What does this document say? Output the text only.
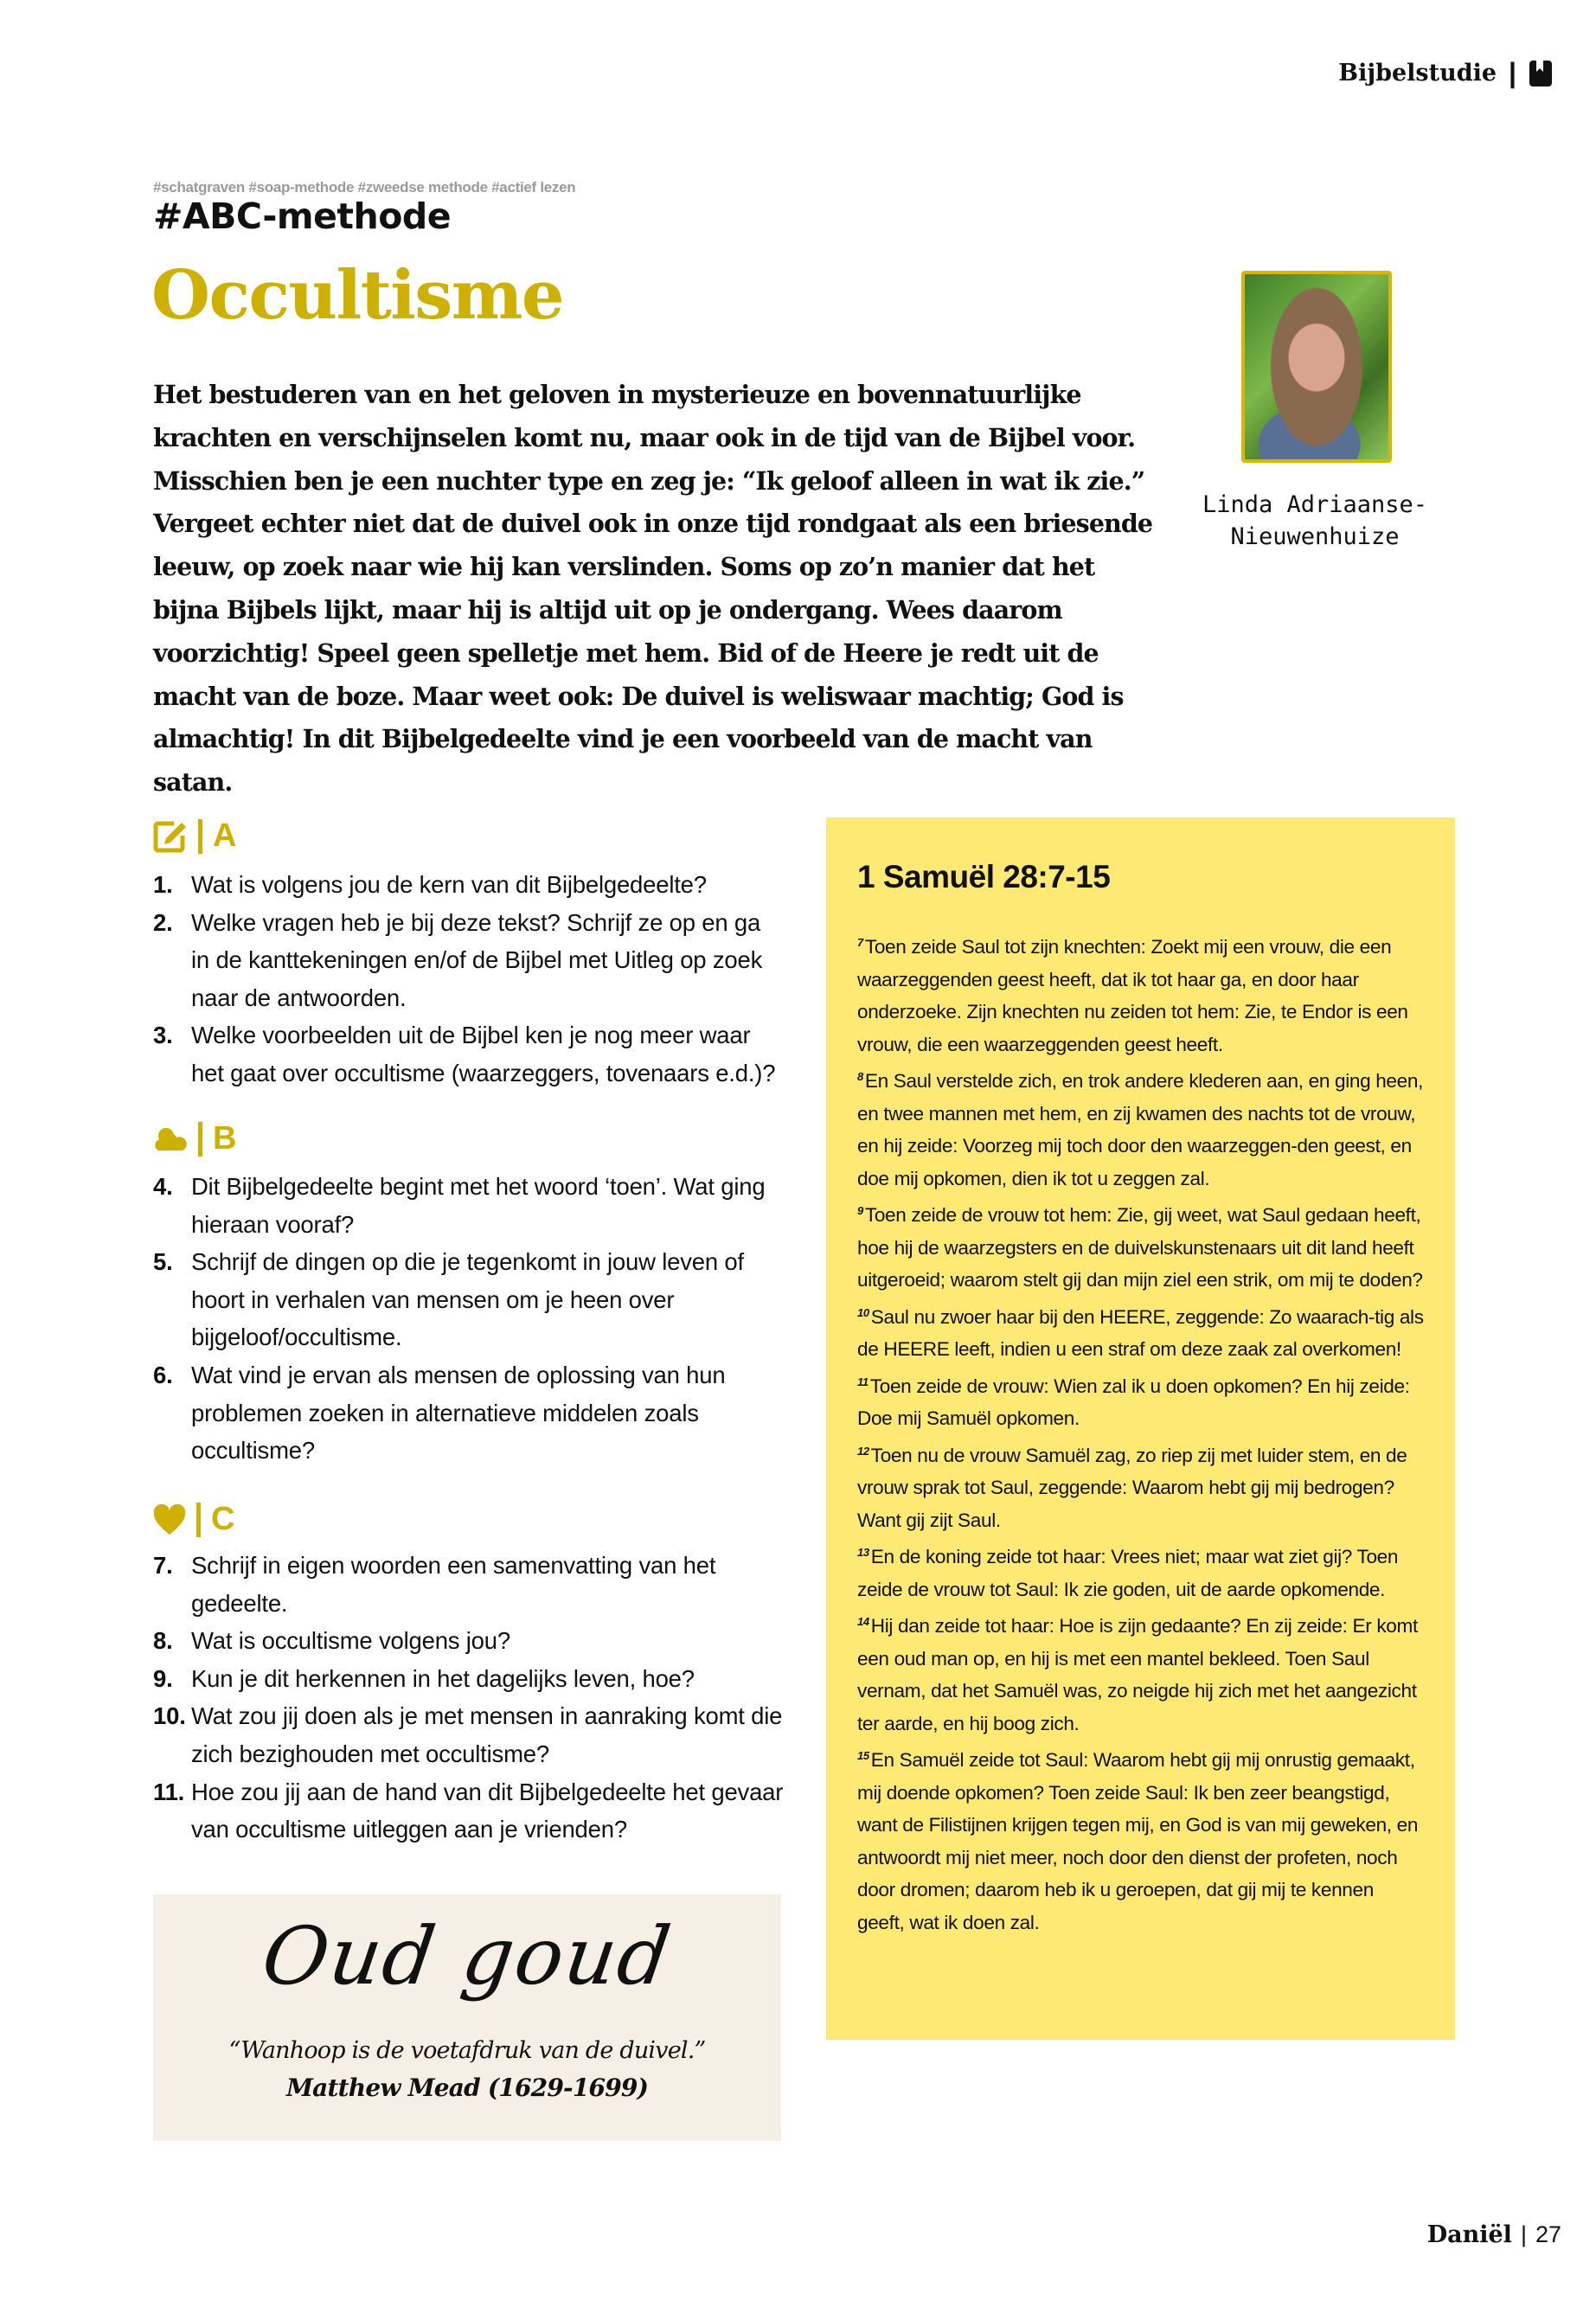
Bijbelstudie |
#schatgraven #soap-methode #zweedse methode #actief lezen
#ABC-methode
Occultisme

Het bestuderen van en het geloven in mysterieuze en bovennatuurlijke krachten en verschijnselen komt nu, maar ook in de tijd van de Bijbel voor. Misschien ben je een nuchter type en zeg je: “Ik geloof alleen in wat ik zie.” Vergeet echter niet dat de duivel ook in onze tijd rondgaat als een briesende leeuw, op zoek naar wie hij kan verslinden. Soms op zo’n manier dat het bijna Bijbels lijkt, maar hij is altijd uit op je ondergang. Wees daarom voorzichtig! Speel geen spelletje met hem. Bid of de Heere je redt uit de macht van de boze. Maar weet ook: De duivel is weliswaar machtig; God is almachtig! In dit Bijbelgedeelte vind je een voorbeeld van de macht van satan.

Linda Adriaanse-
Nieuwenhuize
A
1. Wat is volgens jou de kern van dit Bijbelgedeelte?
2. Welke vragen heb je bij deze tekst? Schrijf ze op en ga in de kanttekeningen en/of de Bijbel met Uitleg op zoek naar de antwoorden.
3. Welke voorbeelden uit de Bijbel ken je nog meer waar het gaat over occultisme (waarzeggers, tovenaars e.d.)?
B
4. Dit Bijbelgedeelte begint met het woord ‘toen’. Wat ging hieraan vooraf?
5. Schrijf de dingen op die je tegenkomt in jouw leven of hoort in verhalen van mensen om je heen over bijgeloof/occultisme.
6. Wat vind je ervan als mensen de oplossing van hun problemen zoeken in alternatieve middelen zoals occultisme?
C
7. Schrijf in eigen woorden een samenvatting van het gedeelte.
8. Wat is occultisme volgens jou?
9. Kun je dit herkennen in het dagelijks leven, hoe?
10. Wat zou jij doen als je met mensen in aanraking komt die zich bezighouden met occultisme?
11. Hoe zou jij aan de hand van dit Bijbelgedeelte het gevaar van occultisme uitleggen aan je vrienden?
1 Samuël 28:7-15
$^7$Toen zeide Saul tot zijn knechten: Zoekt mij een vrouw, die een waarzeggenden geest heeft, dat ik tot haar ga, en door haar onderzoeke. Zijn knechten nu zeiden tot hem: Zie, te Endor is een vrouw, die een waarzeggenden geest heeft.
$^8$En Saul verstelde zich, en trok andere klederen aan, en ging heen, en twee mannen met hem, en zij kwamen des nachts tot de vrouw, en hij zeide: Voorzeg mij toch door den waarzeggen-den geest, en doe mij opkomen, dien ik tot u zeggen zal.
$^9$Toen zeide de vrouw tot hem: Zie, gij weet, wat Saul gedaan heeft, hoe hij de waarzegsters en de duivelskunstenaars uit dit land heeft uitgeroeid; waarom stelt gij dan mijn ziel een strik, om mij te doden?
$^{10}$Saul nu zwoer haar bij den HEERE, zeggende: Zo waarach-tig als de HEERE leeft, indien u een straf om deze zaak zal overkomen!
$^{11}$Toen zeide de vrouw: Wien zal ik u doen opkomen? En hij zeide: Doe mij Samuël opkomen.
$^{12}$Toen nu de vrouw Samuël zag, zo riep zij met luider stem, en de vrouw sprak tot Saul, zeggende: Waarom hebt gij mij bedrogen? Want gij zijt Saul.
$^{13}$En de koning zeide tot haar: Vrees niet; maar wat ziet gij? Toen zeide de vrouw tot Saul: Ik zie goden, uit de aarde opkomende.
$^{14}$Hij dan zeide tot haar: Hoe is zijn gedaante? En zij zeide: Er komt een oud man op, en hij is met een mantel bekleed. Toen Saul vernam, dat het Samuël was, zo neigde hij zich met het aangezicht ter aarde, en hij boog zich.
$^{15}$En Samuël zeide tot Saul: Waarom hebt gij mij onrustig gemaakt, mij doende opkomen? Toen zeide Saul: Ik ben zeer beangstigd, want de Filistijnen krijgen tegen mij, en God is van mij geweken, en antwoordt mij niet meer, noch door den dienst der profeten, noch door dromen; daarom heb ik u geroepen, dat gij mij te kennen geeft, wat ik doen zal.
Oud goud
“Wanhoop is de voetafdruk van de duivel.”
Matthew Mead (1629-1699)
Daniël | 27
